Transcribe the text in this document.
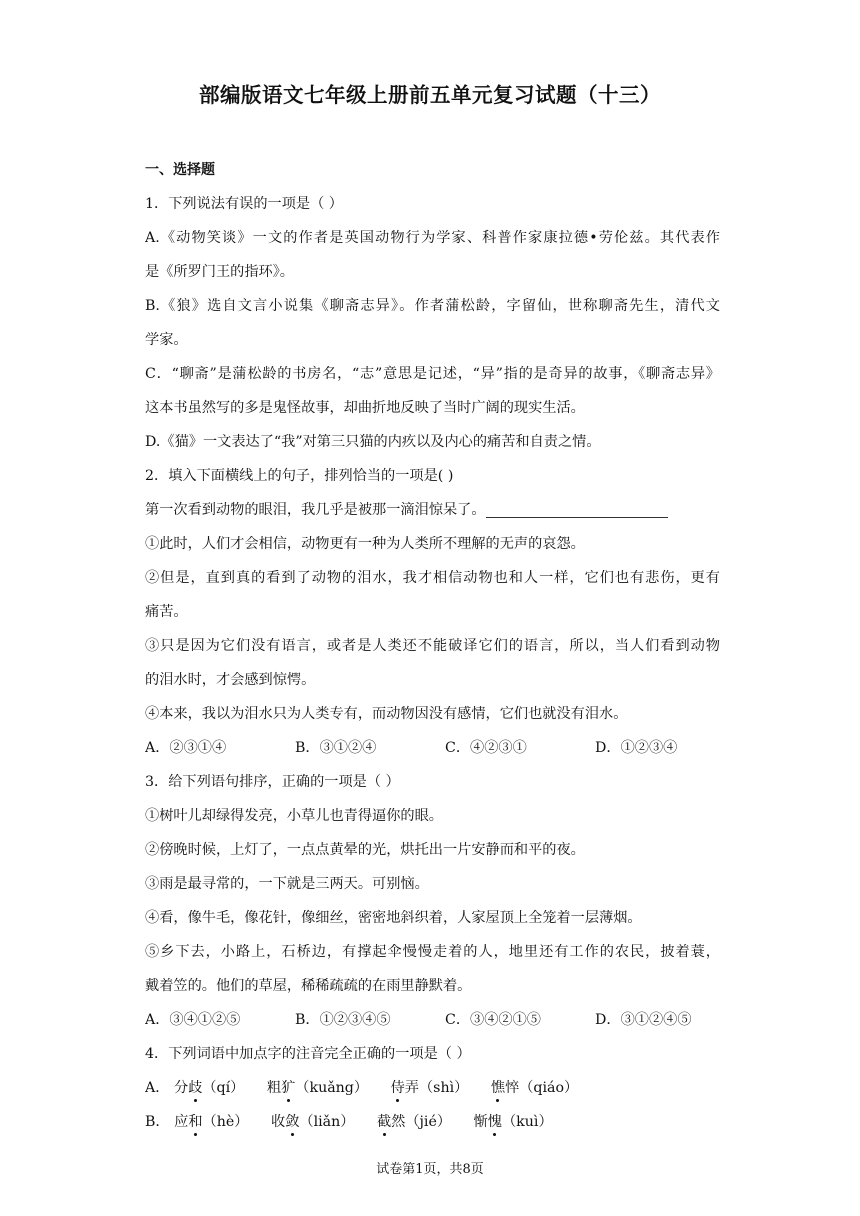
部编版语文七年级上册前五单元复习试题（十三）
一、选择题
1．下列说法有误的一项是（ ）
A.《动物笑谈》一文的作者是英国动物行为学家、科普作家康拉德•劳伦兹。其代表作
是《所罗门王的指环》。
B.《狼》选自文言小说集《聊斋志异》。作者蒲松龄，字留仙，世称聊斋先生，清代文
学家。
C．“聊斋”是蒲松龄的书房名，“志”意思是记述，“异”指的是奇异的故事，《聊斋志异》
这本书虽然写的多是鬼怪故事，却曲折地反映了当时广阔的现实生活。
D.《猫》一文表达了“我”对第三只猫的内疚以及内心的痛苦和自责之情。
2．填入下面横线上的句子，排列恰当的一项是( )
第一次看到动物的眼泪，我几乎是被那一滴泪惊呆了。
①此时，人们才会相信，动物更有一种为人类所不理解的无声的哀怨。
②但是，直到真的看到了动物的泪水，我才相信动物也和人一样，它们也有悲伤，更有
痛苦。
③只是因为它们没有语言，或者是人类还不能破译它们的语言，所以，当人们看到动物
的泪水时，才会感到惊愕。
④本来，我以为泪水只为人类专有，而动物因没有感情，它们也就没有泪水。
A．②③①④	B．③①②④	C．④②③①	D．①②③④
3．给下列语句排序，正确的一项是（ ）
①树叶儿却绿得发亮，小草儿也青得逼你的眼。
②傍晚时候，上灯了，一点点黄晕的光，烘托出一片安静而和平的夜。
③雨是最寻常的，一下就是三两天。可别恼。
④看，像牛毛，像花针，像细丝，密密地斜织着，人家屋顶上全笼着一层薄烟。
⑤乡下去，小路上，石桥边，有撑起伞慢慢走着的人，地里还有工作的农民，披着蓑，
戴着笠的。他们的草屋，稀稀疏疏的在雨里静默着。
A．③④①②⑤	B．①②③④⑤	C．③④②①⑤	D．③①②④⑤
4．下列词语中加点字的注音完全正确的一项是（ ）
A． 分歧（qí） 粗犷（kuǎng） 侍弄（shì） 憔悴（qiáo）
B． 应和（hè） 收敛（liǎn） 截然（jié） 惭愧（kuì）
试卷第1页，共8页
